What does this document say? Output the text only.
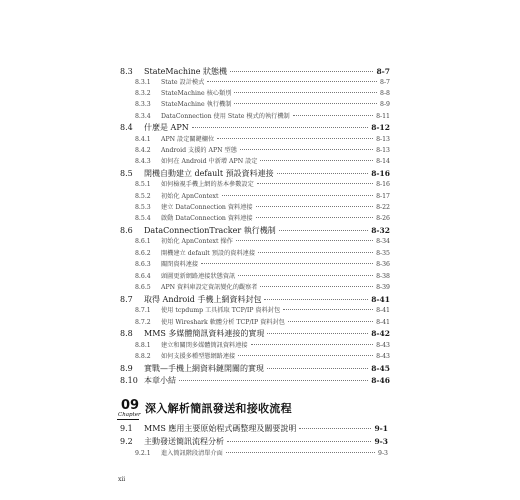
8.3	StateMachine 狀態機	8-7
8.3.1	State 設計模式	8-7
8.3.2	StateMachine 核心類別	8-8
8.3.3	StateMachine 執行機制	8-9
8.3.4	DataConnection 使用 State 模式的執行機制	8-11
8.4	什麼是 APN	8-12
8.4.1	APN 設定關鍵欄位	8-13
8.4.2	Android 支援的 APN 型態	8-13
8.4.3	如何在 Android 中新增 APN 設定	8-14
8.5	開機自動建立 default 預設資料連接	8-16
8.5.1	如何檢視手機上網的基本參數設定	8-16
8.5.2	初始化 ApnContext	8-17
8.5.3	建立 DataConnection 資料連接	8-22
8.5.4	啟動 DataConnection 資料連接	8-26
8.6	DataConnectionTracker 執行機制	8-32
8.6.1	初始化 ApnContext 操作	8-34
8.6.2	開機建立 default 預設的資料連接	8-35
8.6.3	關閉資料連接	8-36
8.6.4	頭圖更新網路連接狀態資訊	8-38
8.6.5	APN 資料庫設定資訊變化的觀察者	8-39
8.7	取得 Android 手機上網資料封包	8-41
8.7.1	使用 tcpdump 工具抓取 TCP/IP 資料封包	8-41
8.7.2	使用 Wireshark 軟體分析 TCP/IP 資料封包	8-41
8.8	MMS 多媒體簡訊資料連接的實現	8-42
8.8.1	建立和關閉多媒體簡訊資料連接	8-43
8.8.2	如何支援多種型態網路連接	8-43
8.9	實戰—手機上網資料鏈開關的實現	8-45
8.10 本章小結	8-46
9.1	MMS 應用主要原始程式碼整理及關要說明	9-1
9.2	主動發送簡訊流程分析	9-3
9.2.1	進入簡訊階段清單介面	9-3
09
Chapter 深入解析簡訊發送和接收流程
xii
